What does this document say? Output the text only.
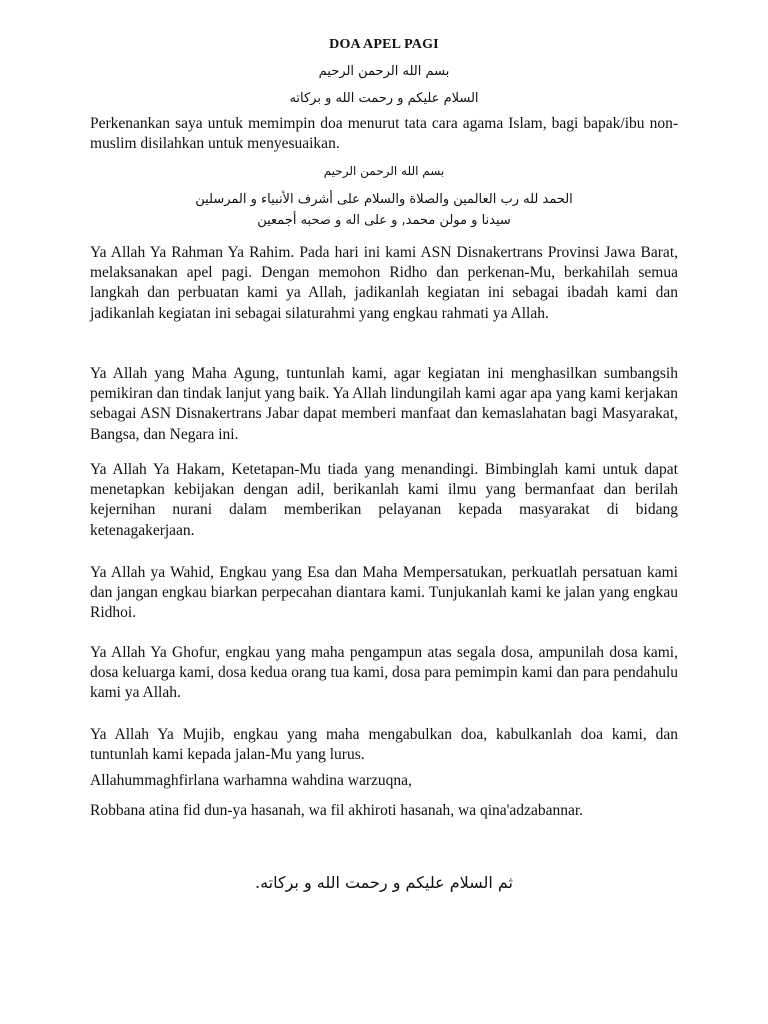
DOA APEL PAGI
بسم الله الرحمن الرحيم
السلام عليكم و رحمت الله و بركاته

Perkenankan saya untuk memimpin doa menurut tata cara agama Islam, bagi bapak/ibu non- muslim disilahkan untuk menyesuaikan.

بسم الله الرحمن الرحيم
الحمد لله رب العالمين والصلاة والسلام على أشرف الأنبياء و المرسلين
سيدنا و مولن محمد, و على اله و صحبه أجمعين

Ya Allah Ya Rahman Ya Rahim. Pada hari ini kami ASN Disnakertrans Provinsi Jawa Barat, melaksanakan apel pagi. Dengan memohon Ridho dan perkenan-Mu, berkahilah semua langkah dan perbuatan kami ya Allah, jadikanlah kegiatan ini sebagai ibadah kami dan jadikanlah kegiatan ini sebagai silaturahmi yang engkau rahmati ya Allah.

Ya Allah yang Maha Agung, tuntunlah kami, agar kegiatan ini menghasilkan sumbangsih pemikiran dan tindak lanjut yang baik. Ya Allah lindungilah kami agar apa yang kami kerjakan sebagai ASN Disnakertrans Jabar dapat memberi manfaat dan kemaslahatan bagi Masyarakat, Bangsa, dan Negara ini.

Ya Allah Ya Hakam, Ketetapan-Mu tiada yang menandingi. Bimbinglah kami untuk dapat menetapkan kebijakan dengan adil, berikanlah kami ilmu yang bermanfaat dan berilah kejernihan nurani dalam memberikan pelayanan kepada masyarakat di bidang ketenagakerjaan.

Ya Allah ya Wahid, Engkau yang Esa dan Maha Mempersatukan, perkuatlah persatuan kami dan jangan engkau biarkan perpecahan diantara kami. Tunjukanlah kami ke jalan yang engkau Ridhoi.

Ya Allah Ya Ghofur, engkau yang maha pengampun atas segala dosa, ampunilah dosa kami, dosa keluarga kami, dosa kedua orang tua kami, dosa para pemimpin kami dan para pendahulu kami ya Allah.

Ya Allah Ya Mujib, engkau yang maha mengabulkan doa, kabulkanlah doa kami, dan tuntunlah kami kepada jalan-Mu yang lurus.

Allahummaghfirlana warhamna wahdina warzuqna,

Robbana atina fid dun-ya hasanah, wa fil akhiroti hasanah, wa qina'adzabannar.

ثم السلام عليكم و رحمت الله و بركاته.
